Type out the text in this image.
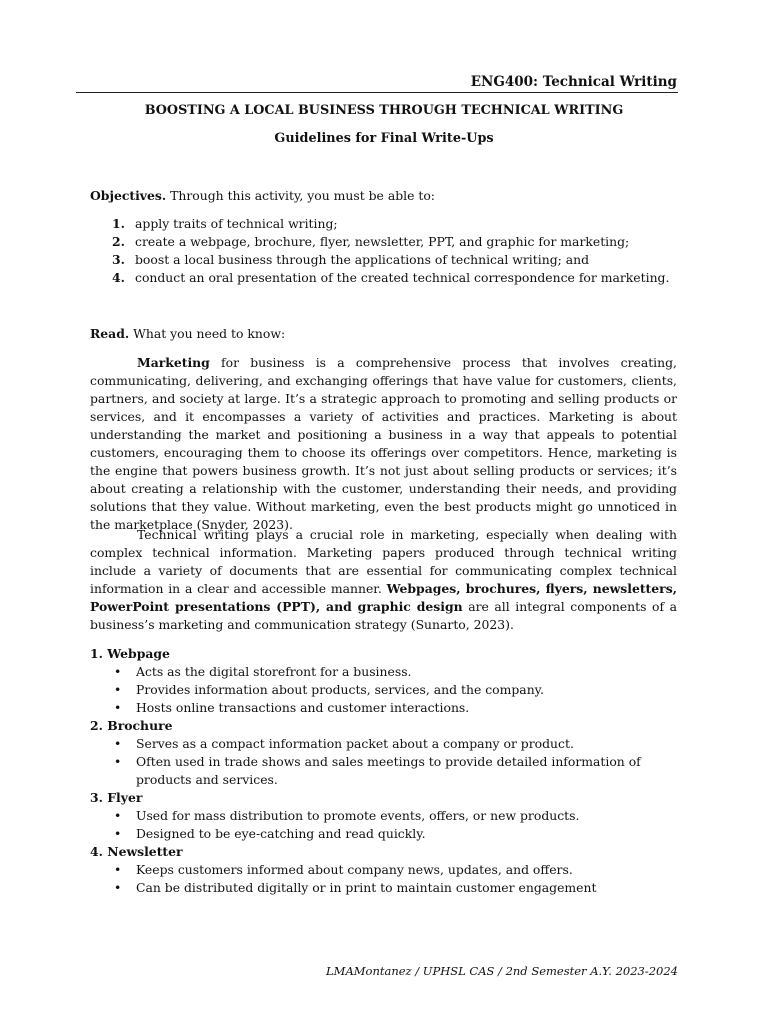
ENG400: Technical Writing
BOOSTING A LOCAL BUSINESS THROUGH TECHNICAL WRITING
Guidelines for Final Write-Ups
Objectives. Through this activity, you must be able to:
1. apply traits of technical writing;
2. create a webpage, brochure, flyer, newsletter, PPT, and graphic for marketing;
3. boost a local business through the applications of technical writing; and
4. conduct an oral presentation of the created technical correspondence for marketing.
Read. What you need to know:

Marketing for business is a comprehensive process that involves creating, communicating, delivering, and exchanging offerings that have value for customers, clients, partners, and society at large. It’s a strategic approach to promoting and selling products or services, and it encompasses a variety of activities and practices. Marketing is about understanding the market and positioning a business in a way that appeals to potential customers, encouraging them to choose its offerings over competitors. Hence, marketing is the engine that powers business growth. It’s not just about selling products or services; it’s about creating a relationship with the customer, understanding their needs, and providing solutions that they value. Without marketing, even the best products might go unnoticed in the marketplace (Snyder, 2023).

Technical writing plays a crucial role in marketing, especially when dealing with complex technical information. Marketing papers produced through technical writing include a variety of documents that are essential for communicating complex technical information in a clear and accessible manner. Webpages, brochures, flyers, newsletters, PowerPoint presentations (PPT), and graphic design are all integral components of a business’s marketing and communication strategy (Sunarto, 2023).

1. Webpage
• Acts as the digital storefront for a business.
• Provides information about products, services, and the company.
• Hosts online transactions and customer interactions.
2. Brochure
• Serves as a compact information packet about a company or product.
• Often used in trade shows and sales meetings to provide detailed information of products and services.
3. Flyer
• Used for mass distribution to promote events, offers, or new products.
• Designed to be eye-catching and read quickly.
4. Newsletter
• Keeps customers informed about company news, updates, and offers.
• Can be distributed digitally or in print to maintain customer engagement
LMAMontanez / UPHSL CAS / 2nd Semester A.Y. 2023-2024
